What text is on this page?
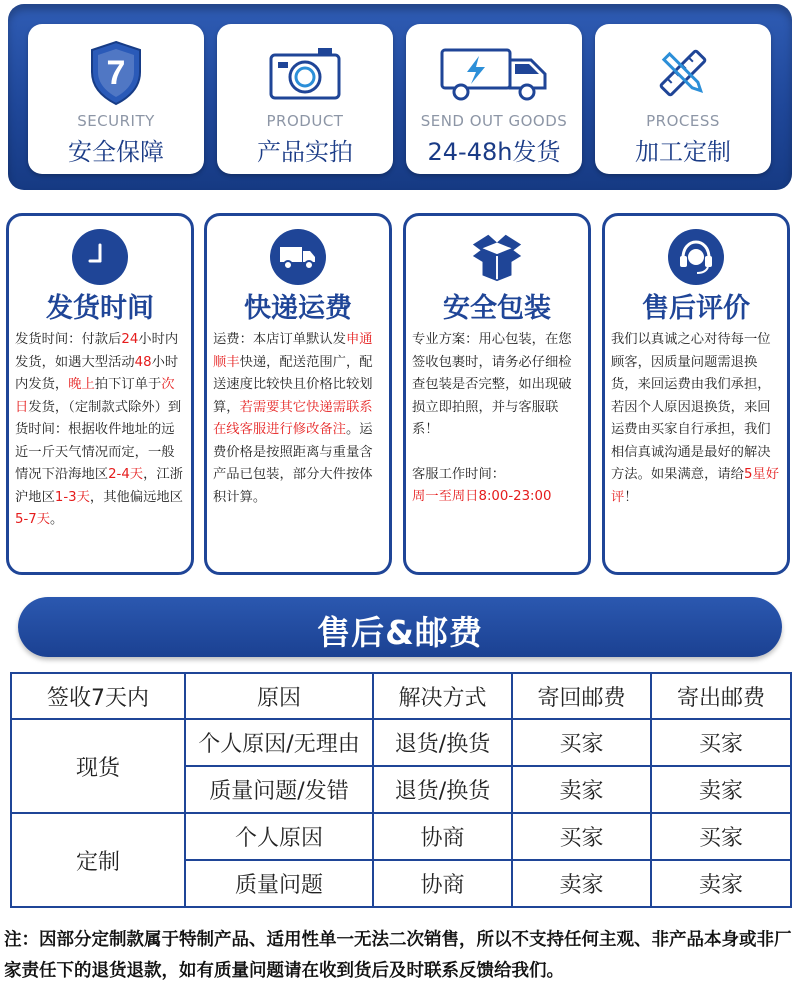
7
SECURITY
安全保障
PRODUCT
产品实拍
SEND OUT GOODS
24-48h发货
PROCESS
加工定制
发货时间
发货时间：付款后24小时内发货，如遇大型活动48小时内发货，晚上拍下订单于次日发货，（定制款式除外）到货时间：根据收件地址的远近一斤天气情况而定，一般情况下沿海地区2-4天，江浙沪地区1-3天，其他偏远地区5-7天。
快递运费
运费：本店订单默认发申通顺丰快递，配送范围广，配送速度比较快且价格比较划算，若需要其它快递需联系在线客服进行修改备注。运费价格是按照距离与重量含产品已包装，部分大件按体积计算。
安全包装
专业方案：用心包装，在您签收包裹时，请务必仔细检查包装是否完整，如出现破损立即拍照，并与客服联系！
客服工作时间：
周一至周日8:00-23:00
售后评价
我们以真诚之心对待每一位顾客，因质量问题需退换货，来回运费由我们承担，若因个人原因退换货，来回运费由买家自行承担，我们相信真诚沟通是最好的解决方法。如果满意，请给5星好评！
售后&邮费
签收7天内	原因	解决方式	寄回邮费	寄出邮费
现货	个人原因/无理由	退货/换货	买家	买家
	质量问题/发错	退货/换货	卖家	卖家
定制	个人原因	协商	买家	买家
	质量问题	协商	卖家	卖家
注：因部分定制款属于特制产品、适用性单一无法二次销售，所以不支持任何主观、非产品本身或非厂家责任下的退货退款，如有质量问题请在收到货后及时联系反馈给我们。
